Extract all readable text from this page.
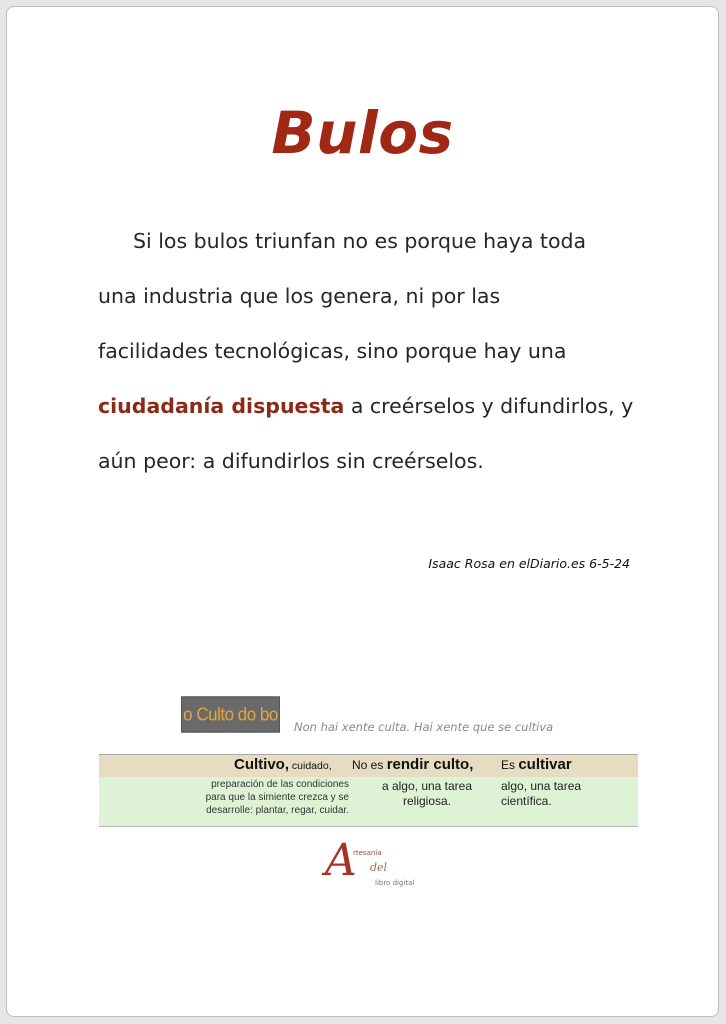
Bulos
Si los bulos triunfan no es porque haya toda
una industria que los genera, ni por las
facilidades tecnológicas, sino porque hay una
ciudadanía dispuesta a creérselos y difundirlos, y
aún peor: a difundirlos sin creérselos.
Isaac Rosa en elDiario.es 6-5-24
o Culto do bo
Non hai xente culta. Hai xente que se cultiva
Cultivo, cuidado,
preparación de las condiciones
para que la simiente crezca y se
desarrolle: plantar, regar, cuidar.
No es rendir culto,
a algo, una tarea
religiosa.
Es cultivar
algo, una tarea
científica.
A
rtesanía
del
libro digital
